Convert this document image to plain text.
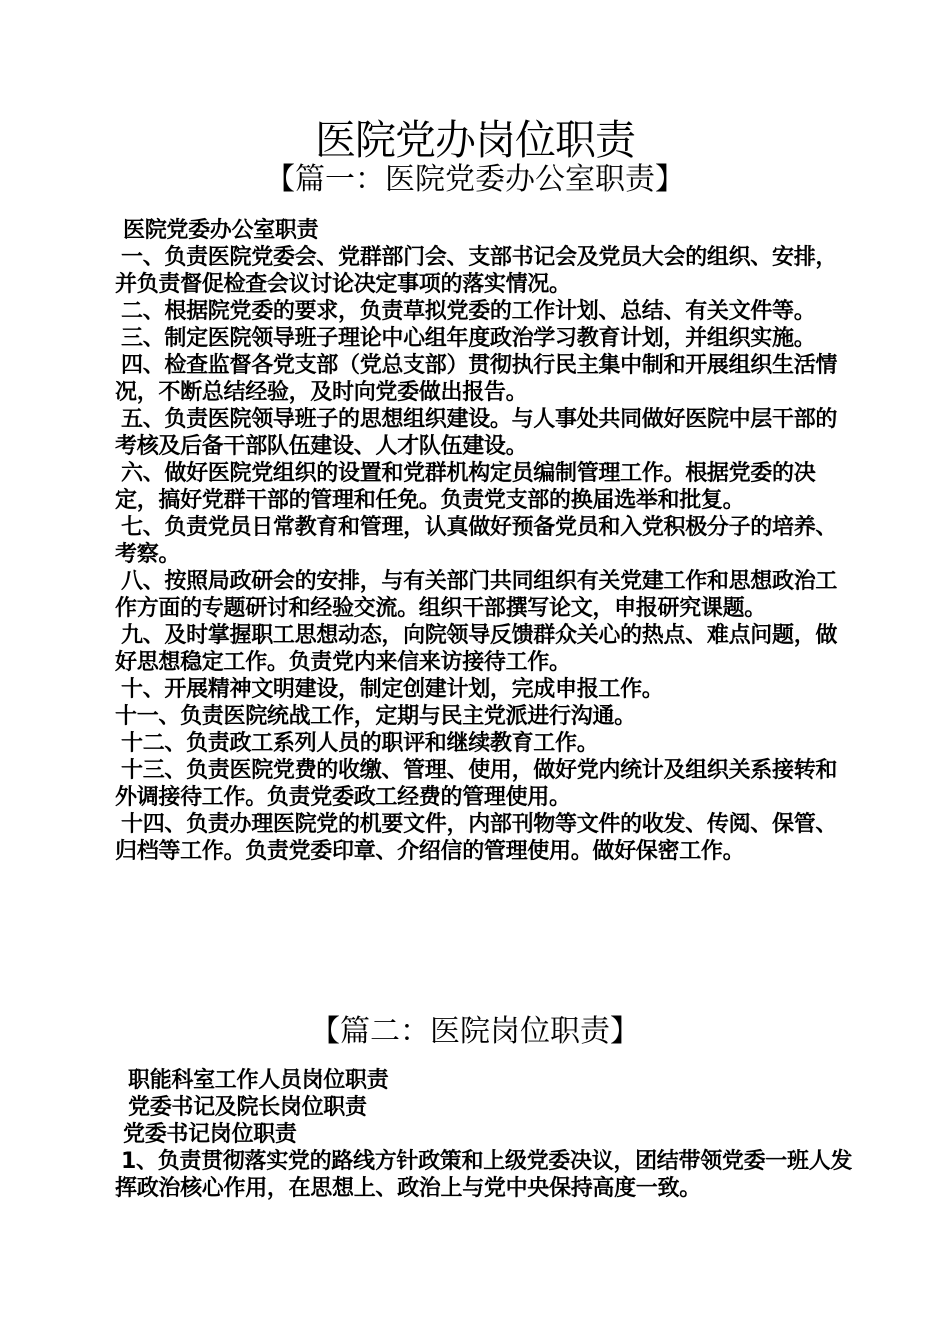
医院党办岗位职责
【篇一：医院党委办公室职责】

医院党委办公室职责

一、负责医院党委会、党群部门会、支部书记会及党员大会的组织、安排，并负责督促检查会议讨论决定事项的落实情况。

二、根据院党委的要求，负责草拟党委的工作计划、总结、有关文件等。

三、制定医院领导班子理论中心组年度政治学习教育计划，并组织实施。

四、检查监督各党支部（党总支部）贯彻执行民主集中制和开展组织生活情况，不断总结经验，及时向党委做出报告。

五、负责医院领导班子的思想组织建设。与人事处共同做好医院中层干部的考核及后备干部队伍建设、人才队伍建设。

六、做好医院党组织的设置和党群机构定员编制管理工作。根据党委的决定，搞好党群干部的管理和任免。负责党支部的换届选举和批复。

七、负责党员日常教育和管理，认真做好预备党员和入党积极分子的培养、考察。

八、按照局政研会的安排，与有关部门共同组织有关党建工作和思想政治工作方面的专题研讨和经验交流。组织干部撰写论文，申报研究课题。

九、及时掌握职工思想动态，向院领导反馈群众关心的热点、难点问题，做好思想稳定工作。负责党内来信来访接待工作。

十、开展精神文明建设，制定创建计划，完成申报工作。

十一、负责医院统战工作，定期与民主党派进行沟通。

十二、负责政工系列人员的职评和继续教育工作。

十三、负责医院党费的收缴、管理、使用，做好党内统计及组织关系接转和外调接待工作。负责党委政工经费的管理使用。

十四、负责办理医院党的机要文件，内部刊物等文件的收发、传阅、保管、归档等工作。负责党委印章、介绍信的管理使用。做好保密工作。

【篇二：医院岗位职责】

职能科室工作人员岗位职责

党委书记及院长岗位职责

党委书记岗位职责

1、负责贯彻落实党的路线方针政策和上级党委决议，团结带领党委一班人发挥政治核心作用，在思想上、政治上与党中央保持高度一致。
